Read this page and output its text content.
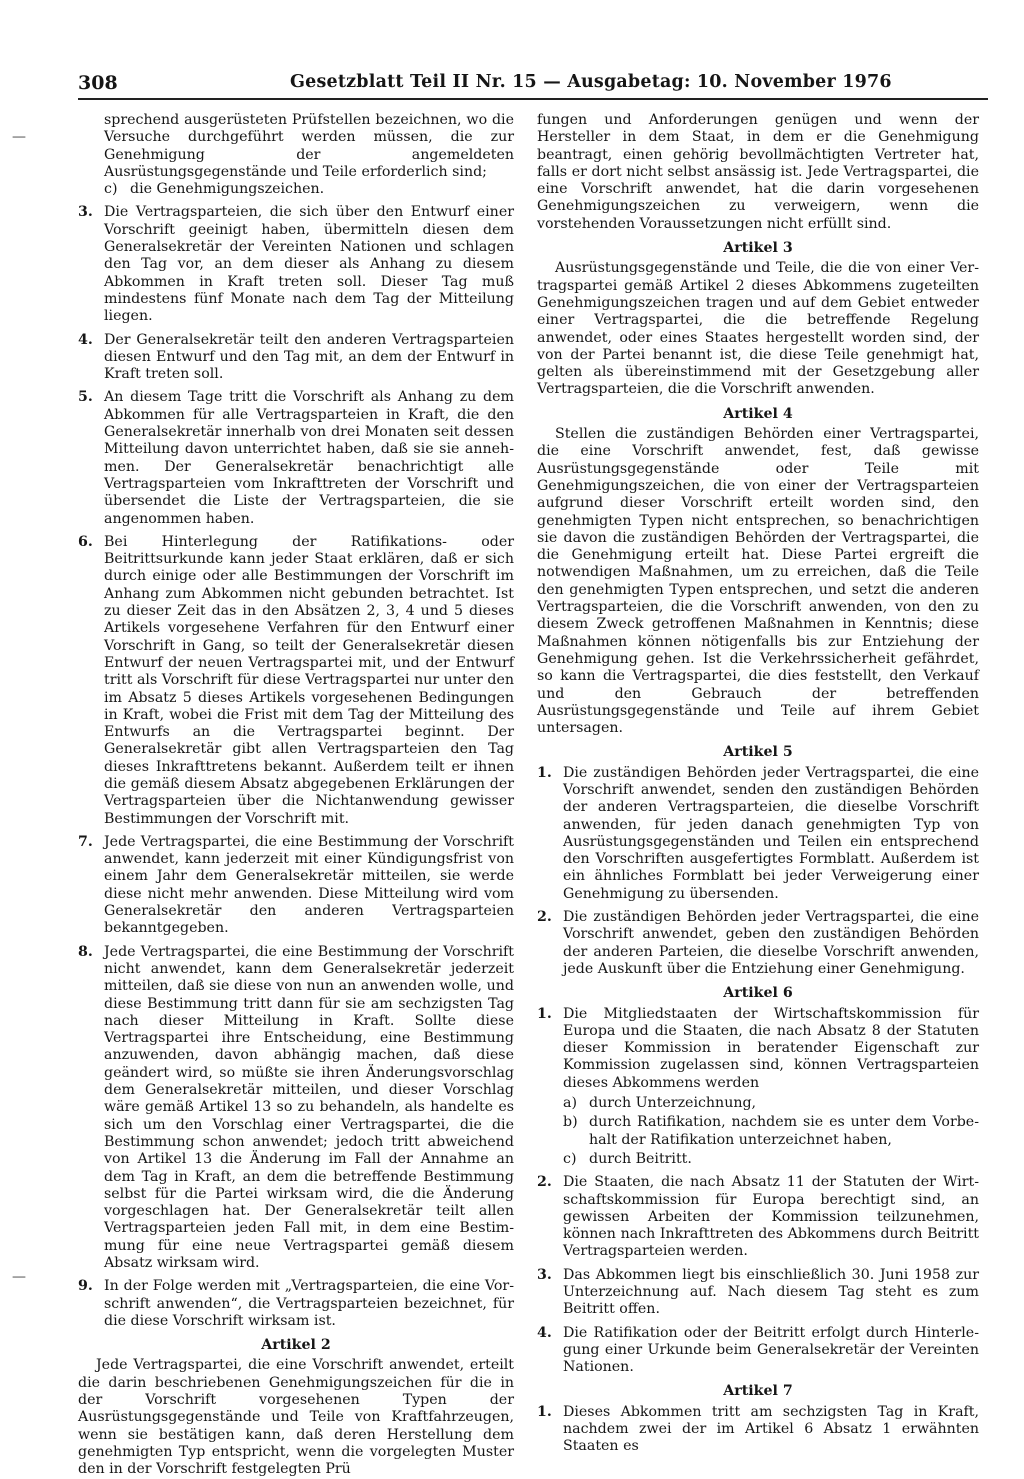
308	Gesetzblatt Teil II Nr. 15 — Ausgabetag: 10. November 1976
—
—

sprechend ausgerüsteten Prüfstellen bezeichnen, wo die Versuche durchgeführt werden müssen, die zur Genehmigung der angemeldeten Ausrüstungsgegenstände und Teile erforderlich sind;

c) die Genehmigungszeichen.
3. Die Vertragsparteien, die sich über den Entwurf einer Vorschrift geeinigt haben, übermitteln diesen dem Generalsekretär der Vereinten Nationen und schlagen den Tag vor, an dem dieser als Anhang zu diesem Abkommen in Kraft treten soll. Dieser Tag muß mindestens fünf Monate nach dem Tag der Mitteilung liegen.
4. Der Generalsekretär teilt den anderen Vertragsparteien diesen Entwurf und den Tag mit, an dem der Entwurf in Kraft treten soll.
5. An diesem Tage tritt die Vorschrift als Anhang zu dem Abkommen für alle Vertragsparteien in Kraft, die den Generalsekretär innerhalb von drei Monaten seit dessen Mitteilung davon unterrichtet haben, daß sie sie annehmen. Der Generalsekretär benachrichtigt alle Vertragsparteien vom Inkrafttreten der Vorschrift und übersendet die Liste der Vertragsparteien, die sie angenommen haben.
6. Bei Hinterlegung der Ratifikations- oder Beitrittsurkunde kann jeder Staat erklären, daß er sich durch einige oder alle Bestimmungen der Vorschrift im Anhang zum Abkommen nicht gebunden betrachtet. Ist zu dieser Zeit das in den Absätzen 2, 3, 4 und 5 dieses Artikels vorgesehene Verfahren für den Entwurf einer Vorschrift in Gang, so teilt der Generalsekretär diesen Entwurf der neuen Vertragspartei mit, und der Entwurf tritt als Vorschrift für diese Vertragspartei nur unter den im Absatz 5 dieses Artikels vorgesehenen Bedingungen in Kraft, wobei die Frist mit dem Tag der Mitteilung des Entwurfs an die Vertragspartei beginnt. Der Generalsekretär gibt allen Vertragsparteien den Tag dieses Inkrafttretens bekannt. Außerdem teilt er ihnen die gemäß diesem Absatz abgegebenen Erklärungen der Vertragsparteien über die Nichtanwendung gewisser Bestimmungen der Vorschrift mit.
7. Jede Vertragspartei, die eine Bestimmung der Vorschrift anwendet, kann jederzeit mit einer Kündigungsfrist von einem Jahr dem Generalsekretär mitteilen, sie werde diese nicht mehr anwenden. Diese Mitteilung wird vom Generalsekretär den anderen Vertragsparteien bekanntgegeben.
8. Jede Vertragspartei, die eine Bestimmung der Vorschrift nicht anwendet, kann dem Generalsekretär jederzeit mitteilen, daß sie diese von nun an anwenden wolle, und diese Bestimmung tritt dann für sie am sechzigsten Tag nach dieser Mitteilung in Kraft. Sollte diese Vertragspartei ihre Entscheidung, eine Bestimmung anzuwenden, davon abhängig machen, daß diese geändert wird, so müßte sie ihren Änderungsvorschlag dem Generalsekretär mitteilen, und dieser Vorschlag wäre gemäß Artikel 13 so zu behandeln, als handelte es sich um den Vorschlag einer Vertragspartei, die die Bestimmung schon anwendet; jedoch tritt abweichend von Artikel 13 die Änderung im Fall der Annahme an dem Tag in Kraft, an dem die betreffende Bestimmung selbst für die Partei wirksam wird, die die Änderung vorgeschlagen hat. Der Generalsekretär teilt allen Vertragsparteien jeden Fall mit, in dem eine Bestimmung für eine neue Vertragspartei gemäß diesem Absatz wirksam wird.
9. In der Folge werden mit „Vertragsparteien, die eine Vorschrift anwenden“, die Vertragsparteien bezeichnet, für die diese Vorschrift wirksam ist.
Artikel 2

Jede Vertragspartei, die eine Vorschrift anwendet, erteilt die darin beschriebenen Genehmigungszeichen für die in der Vorschrift vorgesehenen Typen der Ausrüstungsgegenstände und Teile von Kraftfahrzeugen, wenn sie bestätigen kann, daß deren Herstellung dem genehmigten Typ entspricht, wenn die vorgelegten Muster den in der Vorschrift festgelegten Prü

fungen und Anforderungen genügen und wenn der Hersteller in dem Staat, in dem er die Genehmigung beantragt, einen gehörig bevollmächtigten Vertreter hat, falls er dort nicht selbst ansässig ist. Jede Vertragspartei, die eine Vorschrift anwendet, hat die darin vorgesehenen Genehmigungszeichen zu verweigern, wenn die vorstehenden Voraussetzungen nicht erfüllt sind.

Artikel 3

Ausrüstungsgegenstände und Teile, die die von einer Vertragspartei gemäß Artikel 2 dieses Abkommens zugeteilten Genehmigungszeichen tragen und auf dem Gebiet entweder einer Vertragspartei, die die betreffende Regelung anwendet, oder eines Staates hergestellt worden sind, der von der Partei benannt ist, die diese Teile genehmigt hat, gelten als übereinstimmend mit der Gesetzgebung aller Vertragsparteien, die die Vorschrift anwenden.

Artikel 4

Stellen die zuständigen Behörden einer Vertragspartei, die eine Vorschrift anwendet, fest, daß gewisse Ausrüstungsgegenstände oder Teile mit Genehmigungszeichen, die von einer der Vertragsparteien aufgrund dieser Vorschrift erteilt worden sind, den genehmigten Typen nicht entsprechen, so benachrichtigen sie davon die zuständigen Behörden der Vertragspartei, die die Genehmigung erteilt hat. Diese Partei ergreift die notwendigen Maßnahmen, um zu erreichen, daß die Teile den genehmigten Typen entsprechen, und setzt die anderen Vertragsparteien, die die Vorschrift anwenden, von den zu diesem Zweck getroffenen Maßnahmen in Kenntnis; diese Maßnahmen können nötigenfalls bis zur Entziehung der Genehmigung gehen. Ist die Verkehrssicherheit gefährdet, so kann die Vertragspartei, die dies feststellt, den Verkauf und den Gebrauch der betreffenden Ausrüstungsgegenstände und Teile auf ihrem Gebiet untersagen.

Artikel 5
1. Die zuständigen Behörden jeder Vertragspartei, die eine Vorschrift anwendet, senden den zuständigen Behörden der anderen Vertragsparteien, die dieselbe Vorschrift anwenden, für jeden danach genehmigten Typ von Ausrüstungsgegenständen und Teilen ein entsprechend den Vorschriften ausgefertigtes Formblatt. Außerdem ist ein ähnliches Formblatt bei jeder Verweigerung einer Genehmigung zu übersenden.
2. Die zuständigen Behörden jeder Vertragspartei, die eine Vorschrift anwendet, geben den zuständigen Behörden der anderen Parteien, die dieselbe Vorschrift anwenden, jede Auskunft über die Entziehung einer Genehmigung.
Artikel 6
1. Die Mitgliedstaaten der Wirtschaftskommission für Europa und die Staaten, die nach Absatz 8 der Statuten dieser Kommission in beratender Eigenschaft zur Kommission zugelassen sind, können Vertragsparteien dieses Abkommens werden
a) durch Unterzeichnung,
b) durch Ratifikation, nachdem sie es unter dem Vorbehalt der Ratifikation unterzeichnet haben,
c) durch Beitritt.
2. Die Staaten, die nach Absatz 11 der Statuten der Wirtschaftskommission für Europa berechtigt sind, an gewissen Arbeiten der Kommission teilzunehmen, können nach Inkrafttreten des Abkommens durch Beitritt Vertragsparteien werden.
3. Das Abkommen liegt bis einschließlich 30. Juni 1958 zur Unterzeichnung auf. Nach diesem Tag steht es zum Beitritt offen.
4. Die Ratifikation oder der Beitritt erfolgt durch Hinterlegung einer Urkunde beim Generalsekretär der Vereinten Nationen.
Artikel 7
1. Dieses Abkommen tritt am sechzigsten Tag in Kraft, nachdem zwei der im Artikel 6 Absatz 1 erwähnten Staaten es
